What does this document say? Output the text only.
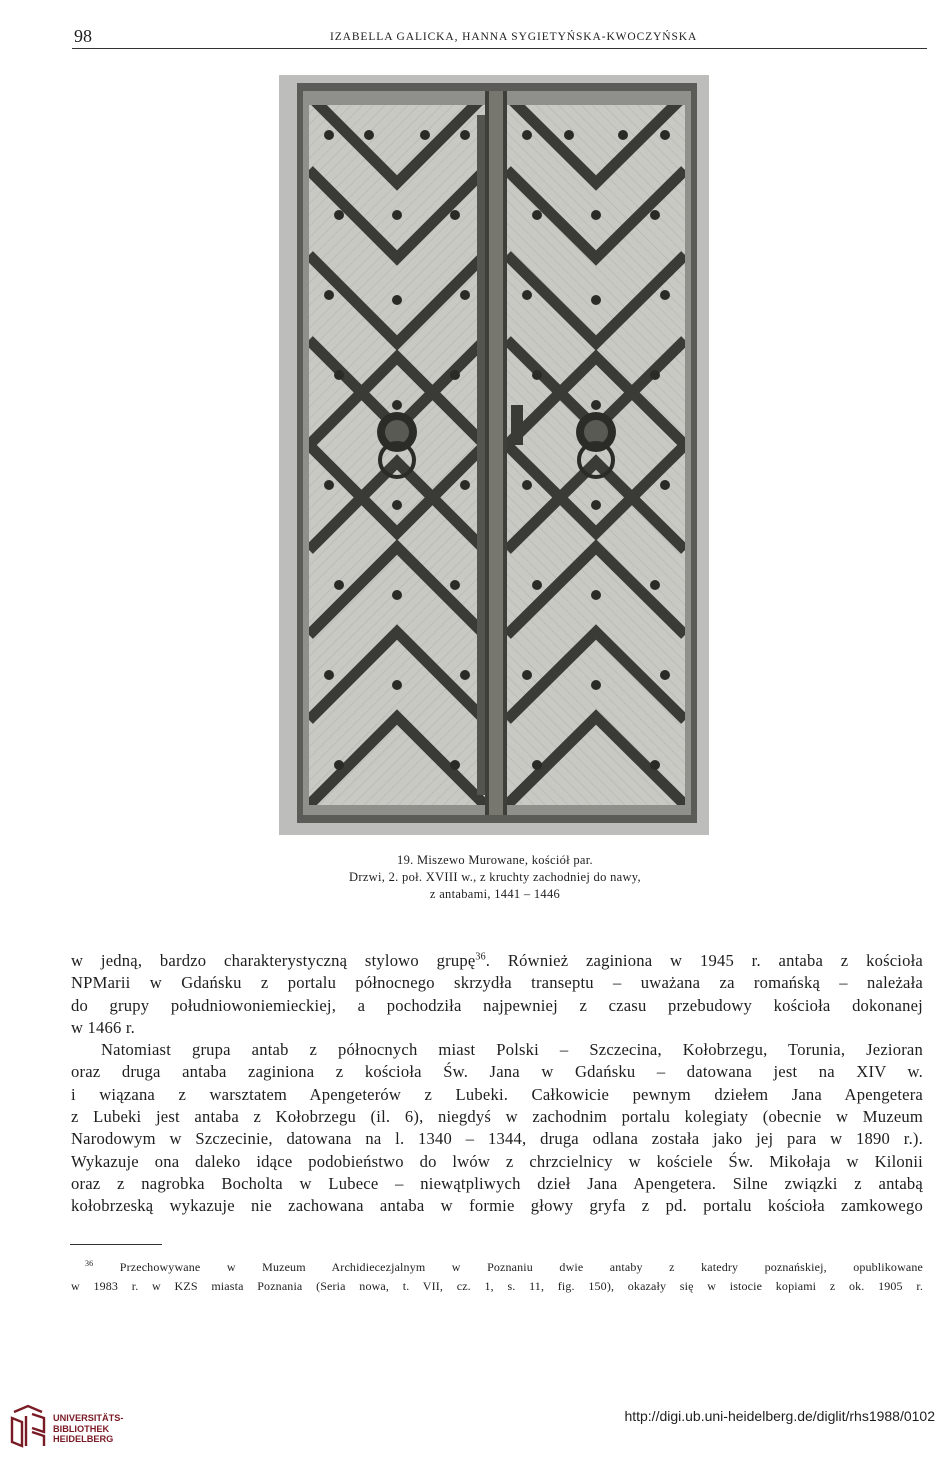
98	IZABELLA GALICKA, HANNA SYGIETYŃSKA-KWOCZYŃSKA
19. Miszewo Murowane, kościół par.
Drzwi, 2. poł. XVIII w., z kruchty zachodniej do nawy,
z antabami, 1441 – 1446

w jedną, bardzo charakterystyczną stylowo grupę$^{36}$. Również zaginiona w 1945 r. antaba z kościoła

NPMarii w Gdańsku z portalu północnego skrzydła transeptu – uważana za romańską – należała

do grupy południowoniemieckiej, a pochodziła najpewniej z czasu przebudowy kościoła dokonanej

w 1466 r.

Natomiast grupa antab z północnych miast Polski – Szczecina, Kołobrzegu, Torunia, Jezioran

oraz druga antaba zaginiona z kościoła Św. Jana w Gdańsku – datowana jest na XIV w.

i wiązana z warsztatem Apengeterów z Lubeki. Całkowicie pewnym dziełem Jana Apengetera

z Lubeki jest antaba z Kołobrzegu (il. 6), niegdyś w zachodnim portalu kolegiaty (obecnie w Muzeum

Narodowym w Szczecinie, datowana na l. 1340 – 1344, druga odlana została jako jej para w 1890 r.).

Wykazuje ona daleko idące podobieństwo do lwów z chrzcielnicy w kościele Św. Mikołaja w Kilonii

oraz z nagrobka Bocholta w Lubece – niewątpliwych dzieł Jana Apengetera. Silne związki z antabą

kołobrzeską wykazuje nie zachowana antaba w formie głowy gryfa z pd. portalu kościoła zamkowego

$^{36}$ Przechowywane w Muzeum Archidiecezjalnym w Poznaniu dwie antaby z katedry poznańskiej, opublikowane

w 1983 r. w KZS miasta Poznania (Seria nowa, t. VII, cz. 1, s. 11, fig. 150), okazały się w istocie kopiami z ok. 1905 r.

UNIVERSITÄTS-
BIBLIOTHEK
HEIDELBERG
http://digi.ub.uni-heidelberg.de/diglit/rhs1988/0102
